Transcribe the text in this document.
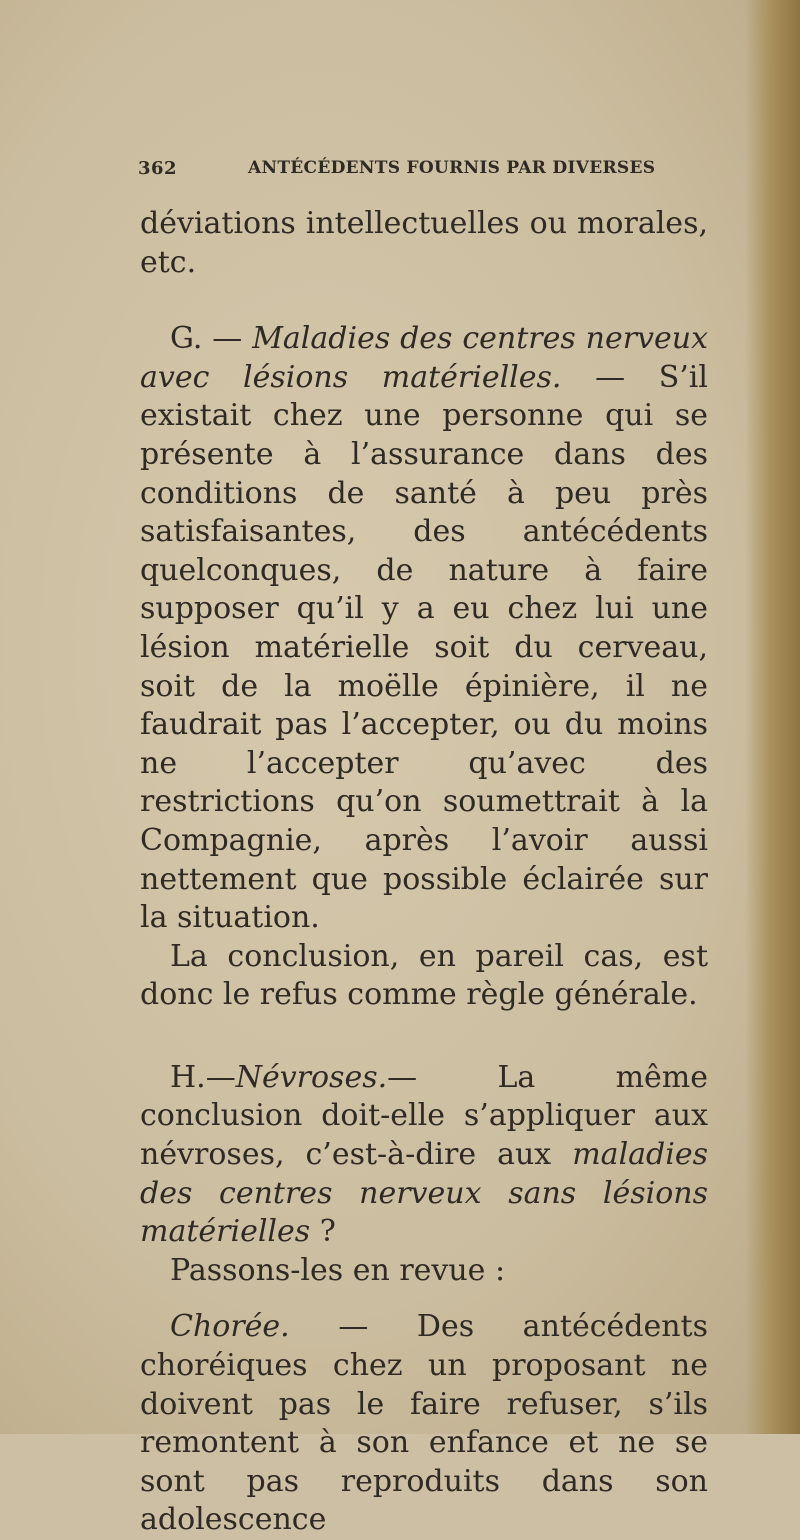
362	ANTÉCÉDENTS FOURNIS PAR DIVERSES

déviations intellectuelles ou morales, etc.

G. — Maladies des centres nerveux avec lésions matérielles. — S’il existait chez une personne qui se présente à l’assurance dans des conditions de santé à peu près satisfaisantes, des antécédents quelconques, de nature à faire supposer qu’il y a eu chez lui une lésion matérielle soit du cerveau, soit de la moëlle épinière, il ne faudrait pas l’accepter, ou du moins ne l’accepter qu’avec des restrictions qu’on soumettrait à la Compagnie, après l’avoir aussi nettement que possible éclairée sur la situation.

La conclusion, en pareil cas, est donc le refus comme règle générale.

H.—Névroses.— La même conclusion doit-elle s’appliquer aux névroses, c’est-à-dire aux maladies des centres nerveux sans lésions matérielles ?

Passons-les en revue :

Chorée. — Des antécédents choréiques chez un proposant ne doivent pas le faire refuser, s’ils remontent à son enfance et ne se sont pas reproduits dans son adolescence
